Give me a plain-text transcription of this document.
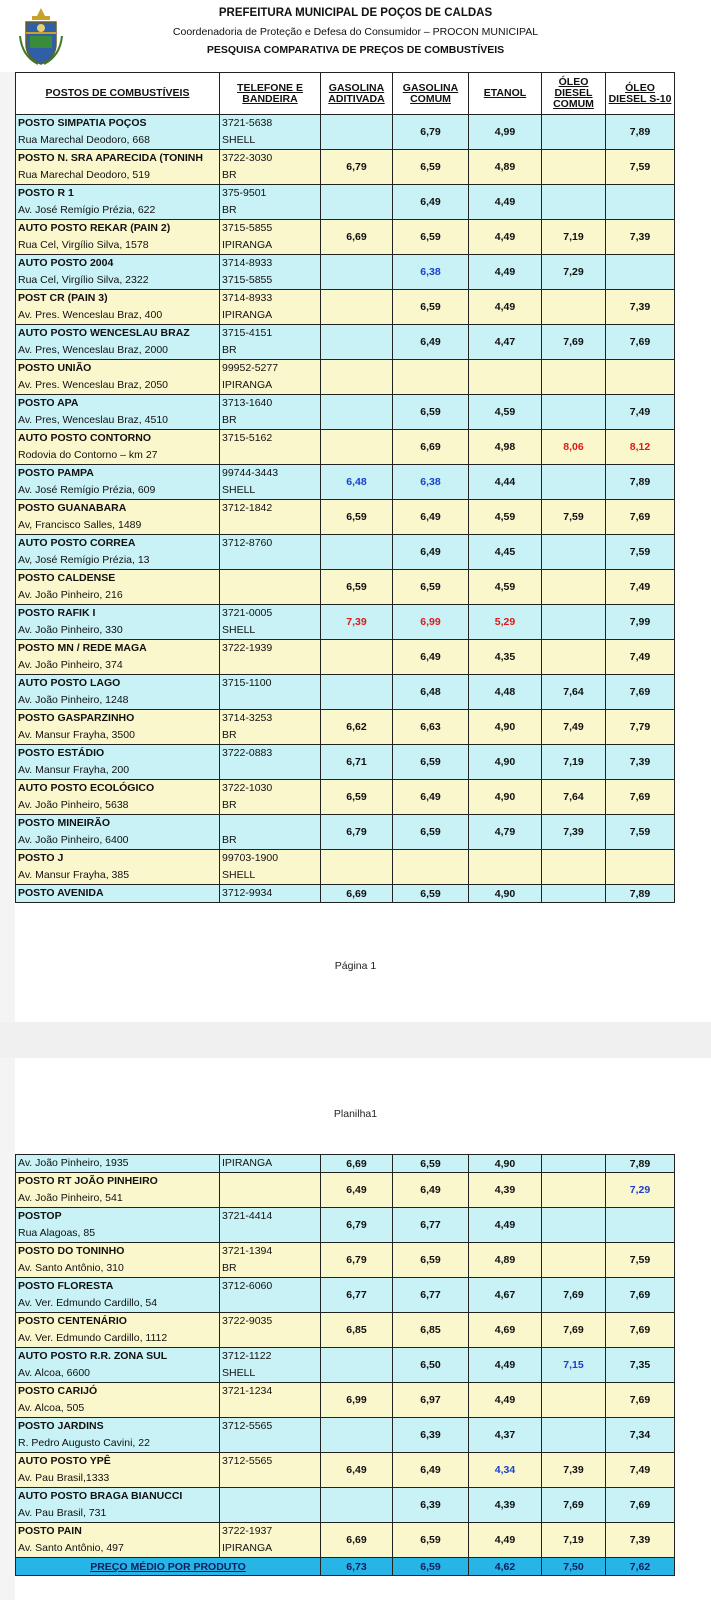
PREFEITURA MUNICIPAL DE POÇOS DE CALDAS
Coordenadoria de Proteção e Defesa do Consumidor – PROCON MUNICIPAL
PESQUISA COMPARATIVA DE PREÇOS DE COMBUSTÍVEIS
POSTOS DE COMBUSTÍVEIS	TELEFONE E BANDEIRA	GASOLINA ADITIVADA	GASOLINA COMUM	ETANOL	ÓLEO DIESEL COMUM	ÓLEO DIESEL S-10
POSTO SIMPATIA POÇOS	3721-5638		6,79	4,99		7,89
Rua Marechal Deodoro, 668	SHELL					
POSTO N. SRA APARECIDA (TONINH	3722-3030	6,79	6,59	4,89		7,59
Rua Marechal Deodoro, 519	BR					
POSTO R 1	375-9501		6,49	4,49		
Av. José Remígio Prézia, 622	BR					
AUTO POSTO REKAR (PAIN 2)	3715-5855	6,69	6,59	4,49	7,19	7,39
Rua Cel, Virgílio Silva, 1578	IPIRANGA					
AUTO POSTO 2004	3714-8933		6,38	4,49	7,29	
Rua Cel, Virgílio Silva, 2322	3715-5855					
POST CR (PAIN 3)	3714-8933		6,59	4,49		7,39
Av. Pres. Wenceslau Braz, 400	IPIRANGA					
AUTO POSTO WENCESLAU BRAZ	3715-4151		6,49	4,47	7,69	7,69
Av. Pres, Wenceslau Braz, 2000	BR					
POSTO UNIÃO	99952-5277					
Av. Pres. Wenceslau Braz, 2050	IPIRANGA					
POSTO APA	3713-1640		6,59	4,59		7,49
Av. Pres, Wenceslau Braz, 4510	BR					
AUTO POSTO CONTORNO	3715-5162		6,69	4,98	8,06	8,12
Rodovia do Contorno – km 27						
POSTO PAMPA	99744-3443	6,48	6,38	4,44		7,89
Av. José Remígio Prézia, 609	SHELL					
POSTO GUANABARA	3712-1842	6,59	6,49	4,59	7,59	7,69
Av, Francisco Salles, 1489						
AUTO POSTO CORREA	3712-8760		6,49	4,45		7,59
Av, José Remígio Prézia, 13						
POSTO CALDENSE		6,59	6,59	4,59		7,49
Av. João Pinheiro, 216						
POSTO RAFIK I	3721-0005	7,39	6,99	5,29		7,99
Av. João Pinheiro, 330	SHELL					
POSTO MN / REDE MAGA	3722-1939		6,49	4,35		7,49
Av. João Pinheiro, 374						
AUTO POSTO LAGO	3715-1100		6,48	4,48	7,64	7,69
Av. João Pinheiro, 1248						
POSTO GASPARZINHO	3714-3253	6,62	6,63	4,90	7,49	7,79
Av. Mansur Frayha, 3500	BR					
POSTO ESTÁDIO	3722-0883	6,71	6,59	4,90	7,19	7,39
Av. Mansur Frayha, 200						
AUTO POSTO ECOLÓGICO	3722-1030	6,59	6,49	4,90	7,64	7,69
Av. João Pinheiro, 5638	BR					
POSTO MINEIRÃO		6,79	6,59	4,79	7,39	7,59
Av. João Pinheiro, 6400	BR					
POSTO J	99703-1900					
Av. Mansur Frayha, 385	SHELL					
POSTO AVENIDA	3712-9934	6,69	6,59	4,90		7,89

Página 1
Planilha1
		6,69	6,59	4,90		7,89
Av. João Pinheiro, 1935	IPIRANGA					
POSTO RT JOÃO PINHEIRO		6,49	6,49	4,39		7,29
Av. João Pinheiro, 541						
POSTOP	3721-4414	6,79	6,77	4,49		
Rua Alagoas, 85						
POSTO DO TONINHO	3721-1394	6,79	6,59	4,89		7,59
Av. Santo Antônio, 310	BR					
POSTO FLORESTA	3712-6060	6,77	6,77	4,67	7,69	7,69
Av. Ver. Edmundo Cardillo, 54						
POSTO CENTENÁRIO	3722-9035	6,85	6,85	4,69	7,69	7,69
Av. Ver. Edmundo Cardillo, 1112						
AUTO POSTO R.R. ZONA SUL	3712-1122		6,50	4,49	7,15	7,35
Av. Alcoa, 6600	SHELL					
POSTO CARIJÓ	3721-1234	6,99	6,97	4,49		7,69
Av. Alcoa, 505						
POSTO JARDINS	3712-5565		6,39	4,37		7,34
R. Pedro Augusto Cavini, 22						
AUTO POSTO YPÊ	3712-5565	6,49	6,49	4,34	7,39	7,49
Av. Pau Brasil,1333						
AUTO POSTO BRAGA BIANUCCI			6,39	4,39	7,69	7,69
Av. Pau Brasil, 731						
POSTO PAIN	3722-1937	6,69	6,59	4,49	7,19	7,39
Av. Santo Antônio, 497	IPIRANGA					
PREÇO MÉDIO POR PRODUTO		6,73	6,59	4,62	7,50	7,62
